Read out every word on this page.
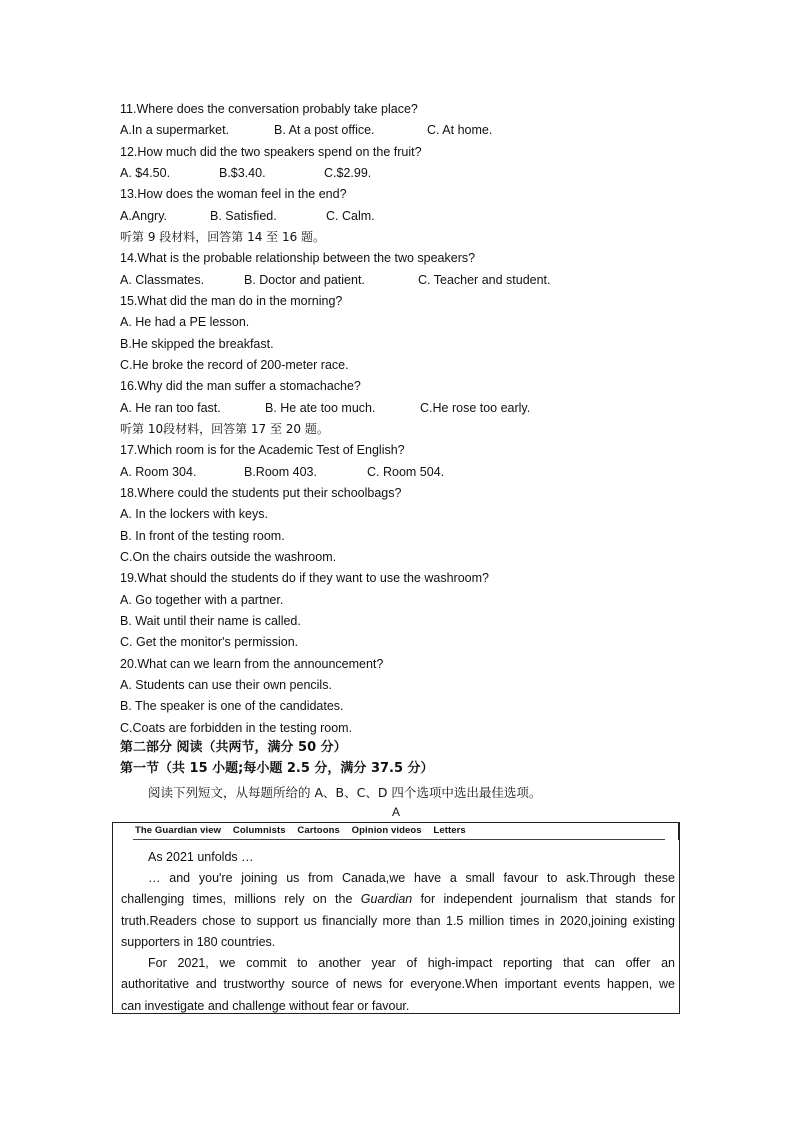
11.Where does the conversation probably take place?
A.In a supermarket.	B. At a post office.	C. At home.
12.How much did the two speakers spend on the fruit?
A. $4.50.	B.$3.40.	C.$2.99.
13.How does the woman feel in the end?
A.Angry.	B. Satisfied.	C. Calm.
听第 9 段材料，回答第 14 至 16 题。
14.What is the probable relationship between the two speakers?
A. Classmates.	B. Doctor and patient.	C. Teacher and student.
15.What did the man do in the morning?
A. He had a PE lesson.
B.He skipped the breakfast.
C.He broke the record of 200-meter race.
16.Why did the man suffer a stomachache?
A. He ran too fast.	B. He ate too much.	C.He rose too early.
听第 10段材料，回答第 17 至 20 题。
17.Which room is for the Academic Test of English?
A. Room 304.	B.Room 403.	C. Room 504.
18.Where could the students put their schoolbags?
A. In the lockers with keys.
B. In front of the testing room.
C.On the chairs outside the washroom.
19.What should the students do if they want to use the washroom?
A. Go together with a partner.
B. Wait until their name is called.
C. Get the monitor's permission.
20.What can we learn from the announcement?
A. Students can use their own pencils.
B. The speaker is one of the candidates.
C.Coats are forbidden in the testing room.
第二部分 阅读（共两节，满分 50 分）
第一节（共 15 小题;每小题 2.5 分，满分 37.5 分）
阅读下列短文，从每题所给的 A、B、C、D 四个选项中选出最佳选项。
A
The Guardian view Columnists Cartoons Opinion videos Letters
As 2021 unfolds …
… and you're joining us from Canada,we have a small favour to ask.Through these
challenging times, millions rely on the Guardian for independent journalism that stands for
truth.Readers chose to support us financially more than 1.5 million times in 2020,joining existing
supporters in 180 countries.
For 2021, we commit to another year of high-impact reporting that can offer an
authoritative and trustworthy source of news for everyone.When important events happen, we
can investigate and challenge without fear or favour.
